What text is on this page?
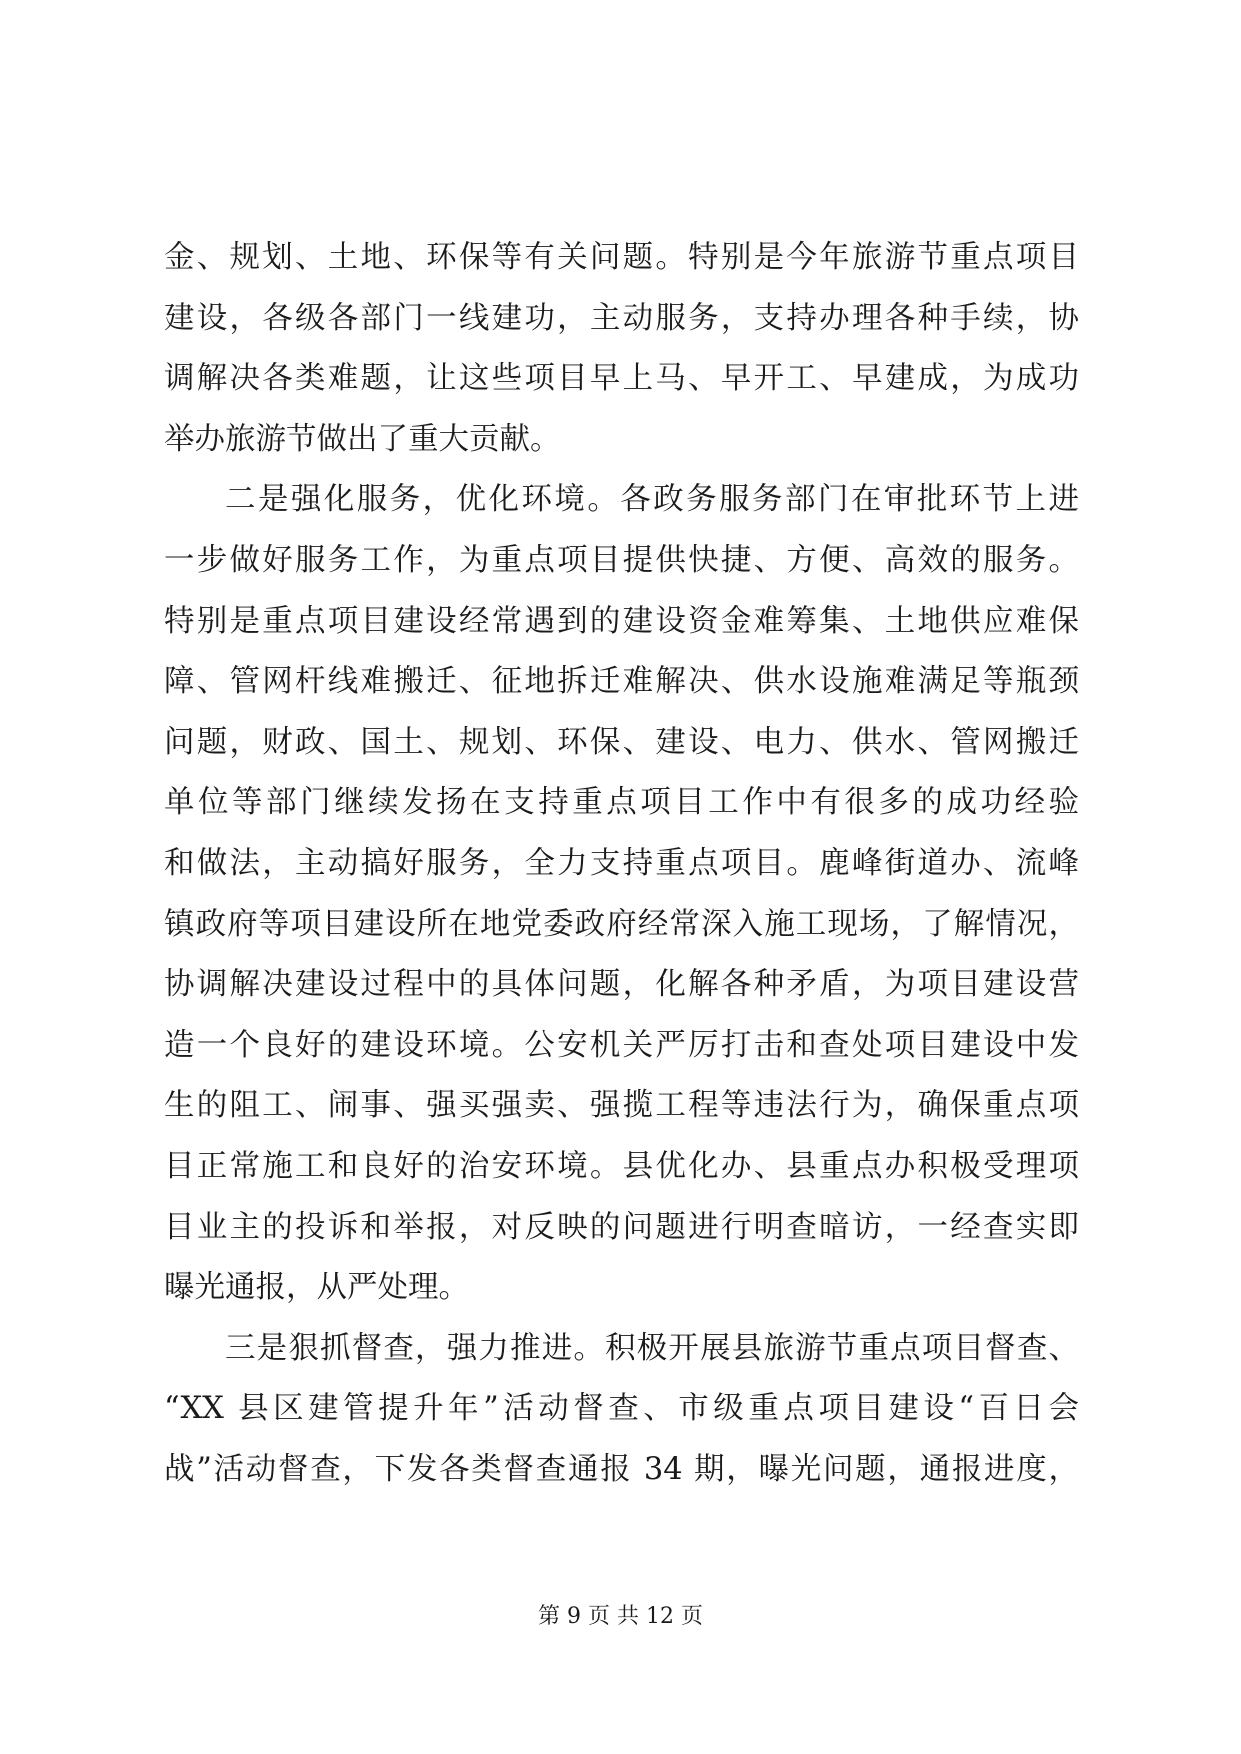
金、规划、土地、环保等有关问题。特别是今年旅游节重点项目
建设，各级各部门一线建功，主动服务，支持办理各种手续，协
调解决各类难题，让这些项目早上马、早开工、早建成，为成功
举办旅游节做出了重大贡献。
二是强化服务，优化环境。各政务服务部门在审批环节上进
一步做好服务工作，为重点项目提供快捷、方便、高效的服务。
特别是重点项目建设经常遇到的建设资金难筹集、土地供应难保
障、管网杆线难搬迁、征地拆迁难解决、供水设施难满足等瓶颈
问题，财政、国土、规划、环保、建设、电力、供水、管网搬迁
单位等部门继续发扬在支持重点项目工作中有很多的成功经验
和做法，主动搞好服务，全力支持重点项目。鹿峰街道办、流峰
镇政府等项目建设所在地党委政府经常深入施工现场，了解情况，
协调解决建设过程中的具体问题，化解各种矛盾，为项目建设营
造一个良好的建设环境。公安机关严厉打击和查处项目建设中发
生的阻工、闹事、强买强卖、强揽工程等违法行为，确保重点项
目正常施工和良好的治安环境。县优化办、县重点办积极受理项
目业主的投诉和举报，对反映的问题进行明查暗访，一经查实即
曝光通报，从严处理。
三是狠抓督查，强力推进。积极开展县旅游节重点项目督查、
“XX 县区建管提升年”活动督查、市级重点项目建设“百日会
战”活动督查，下发各类督查通报 34 期，曝光问题，通报进度，
第 9 页 共 12 页
